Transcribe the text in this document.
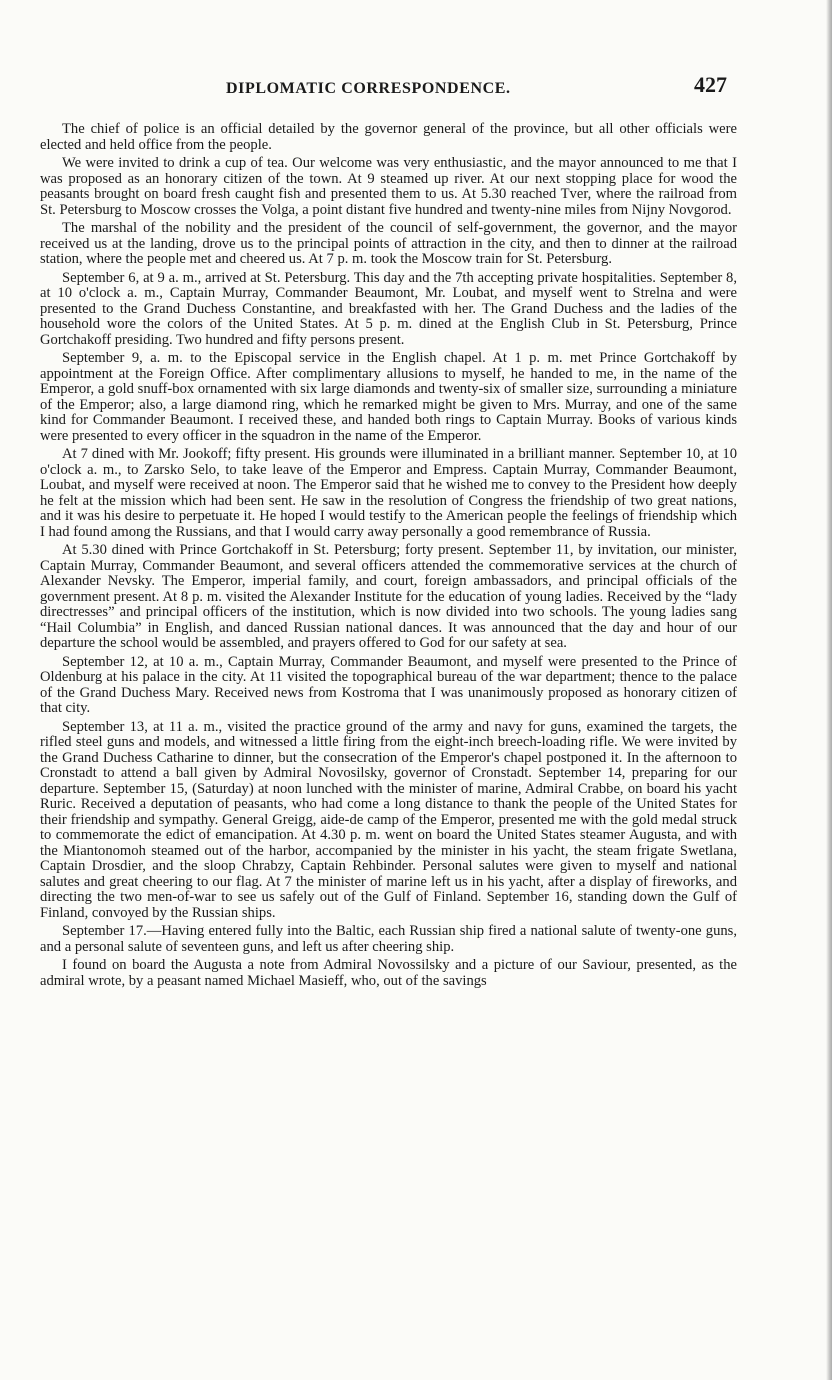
DIPLOMATIC CORRESPONDENCE.	427

The chief of police is an official detailed by the governor general of the province, but all other officials were elected and held office from the people.

We were invited to drink a cup of tea. Our welcome was very enthusiastic, and the mayor announced to me that I was proposed as an honorary citizen of the town. At 9 steamed up river. At our next stopping place for wood the peasants brought on board fresh caught fish and presented them to us. At 5.30 reached Tver, where the railroad from St. Petersburg to Moscow crosses the Volga, a point distant five hundred and twenty-nine miles from Nijny Novgorod.

The marshal of the nobility and the president of the council of self-government, the governor, and the mayor received us at the landing, drove us to the principal points of attraction in the city, and then to dinner at the railroad station, where the people met and cheered us. At 7 p. m. took the Moscow train for St. Petersburg.

September 6, at 9 a. m., arrived at St. Petersburg. This day and the 7th accepting private hospitalities. September 8, at 10 o'clock a. m., Captain Murray, Commander Beaumont, Mr. Loubat, and myself went to Strelna and were presented to the Grand Duchess Constantine, and breakfasted with her. The Grand Duchess and the ladies of the household wore the colors of the United States. At 5 p. m. dined at the English Club in St. Petersburg, Prince Gortchakoff presiding. Two hundred and fifty persons present.

September 9, a. m. to the Episcopal service in the English chapel. At 1 p. m. met Prince Gortchakoff by appointment at the Foreign Office. After complimentary allusions to myself, he handed to me, in the name of the Emperor, a gold snuff-box ornamented with six large diamonds and twenty-six of smaller size, surrounding a miniature of the Emperor; also, a large diamond ring, which he remarked might be given to Mrs. Murray, and one of the same kind for Commander Beaumont. I received these, and handed both rings to Captain Murray. Books of various kinds were presented to every officer in the squadron in the name of the Emperor.

At 7 dined with Mr. Jookoff; fifty present. His grounds were illuminated in a brilliant manner. September 10, at 10 o'clock a. m., to Zarsko Selo, to take leave of the Emperor and Empress. Captain Murray, Commander Beaumont, Loubat, and myself were received at noon. The Emperor said that he wished me to convey to the President how deeply he felt at the mission which had been sent. He saw in the resolution of Congress the friendship of two great nations, and it was his desire to perpetuate it. He hoped I would testify to the American people the feelings of friendship which I had found among the Russians, and that I would carry away personally a good remembrance of Russia.

At 5.30 dined with Prince Gortchakoff in St. Petersburg; forty present. September 11, by invitation, our minister, Captain Murray, Commander Beaumont, and several officers attended the commemorative services at the church of Alexander Nevsky. The Emperor, imperial family, and court, foreign ambassadors, and principal officials of the government present. At 8 p. m. visited the Alexander Institute for the education of young ladies. Received by the “lady directresses” and principal officers of the institution, which is now divided into two schools. The young ladies sang “Hail Columbia” in English, and danced Russian national dances. It was announced that the day and hour of our departure the school would be assembled, and prayers offered to God for our safety at sea.

September 12, at 10 a. m., Captain Murray, Commander Beaumont, and myself were presented to the Prince of Oldenburg at his palace in the city. At 11 visited the topographical bureau of the war department; thence to the palace of the Grand Duchess Mary. Received news from Kostroma that I was unanimously proposed as honorary citizen of that city.

September 13, at 11 a. m., visited the practice ground of the army and navy for guns, examined the targets, the rifled steel guns and models, and witnessed a little firing from the eight-inch breech-loading rifle. We were invited by the Grand Duchess Catharine to dinner, but the consecration of the Emperor's chapel postponed it. In the afternoon to Cronstadt to attend a ball given by Admiral Novosilsky, governor of Cronstadt. September 14, preparing for our departure. September 15, (Saturday) at noon lunched with the minister of marine, Admiral Crabbe, on board his yacht Ruric. Received a deputation of peasants, who had come a long distance to thank the people of the United States for their friendship and sympathy. General Greigg, aide-de camp of the Emperor, presented me with the gold medal struck to commemorate the edict of emancipation. At 4.30 p. m. went on board the United States steamer Augusta, and with the Miantonomoh steamed out of the harbor, accompanied by the minister in his yacht, the steam frigate Swetlana, Captain Drosdier, and the sloop Chrabzy, Captain Rehbinder. Personal salutes were given to myself and national salutes and great cheering to our flag. At 7 the minister of marine left us in his yacht, after a display of fireworks, and directing the two men-of-war to see us safely out of the Gulf of Finland. September 16, standing down the Gulf of Finland, convoyed by the Russian ships.

September 17.—Having entered fully into the Baltic, each Russian ship fired a national salute of twenty-one guns, and a personal salute of seventeen guns, and left us after cheering ship.

I found on board the Augusta a note from Admiral Novossilsky and a picture of our Saviour, presented, as the admiral wrote, by a peasant named Michael Masieff, who, out of the savings
